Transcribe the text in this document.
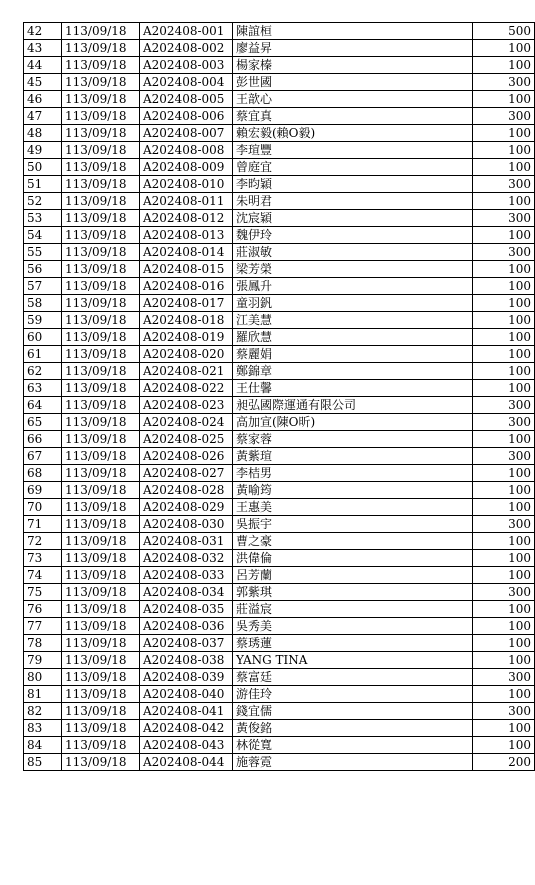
42	113/09/18	A202408-001	陳誼桓	500
43	113/09/18	A202408-002	廖益昇	100
44	113/09/18	A202408-003	楊家榛	100
45	113/09/18	A202408-004	彭世國	300
46	113/09/18	A202408-005	王歆心	100
47	113/09/18	A202408-006	蔡宜真	300
48	113/09/18	A202408-007	賴宏毅(賴O毅)	100
49	113/09/18	A202408-008	李瑄豐	100
50	113/09/18	A202408-009	曾庭宜	100
51	113/09/18	A202408-010	李昀穎	300
52	113/09/18	A202408-011	朱明君	100
53	113/09/18	A202408-012	沈宸穎	300
54	113/09/18	A202408-013	魏伊玲	100
55	113/09/18	A202408-014	莊淑敏	300
56	113/09/18	A202408-015	梁芳榮	100
57	113/09/18	A202408-016	張鳳升	100
58	113/09/18	A202408-017	童羽釩	100
59	113/09/18	A202408-018	江美慧	100
60	113/09/18	A202408-019	羅欣慧	100
61	113/09/18	A202408-020	蔡麗娟	100
62	113/09/18	A202408-021	鄭錦章	100
63	113/09/18	A202408-022	王仕馨	100
64	113/09/18	A202408-023	昶弘國際運通有限公司	300
65	113/09/18	A202408-024	高加宣(陳O昕)	300
66	113/09/18	A202408-025	蔡家蓉	100
67	113/09/18	A202408-026	黃紫瑄	300
68	113/09/18	A202408-027	李桔男	100
69	113/09/18	A202408-028	黃喻筠	100
70	113/09/18	A202408-029	王惠美	100
71	113/09/18	A202408-030	吳振宇	300
72	113/09/18	A202408-031	曹之豪	100
73	113/09/18	A202408-032	洪偉倫	100
74	113/09/18	A202408-033	呂芳蘭	100
75	113/09/18	A202408-034	郭紫琪	300
76	113/09/18	A202408-035	莊溢宸	100
77	113/09/18	A202408-036	吳秀美	100
78	113/09/18	A202408-037	蔡琇蓮	100
79	113/09/18	A202408-038	YANG TINA	100
80	113/09/18	A202408-039	蔡富廷	300
81	113/09/18	A202408-040	游佳玲	100
82	113/09/18	A202408-041	錢宜儒	300
83	113/09/18	A202408-042	黃俊銘	100
84	113/09/18	A202408-043	林從寬	100
85	113/09/18	A202408-044	施蓉霓	200
